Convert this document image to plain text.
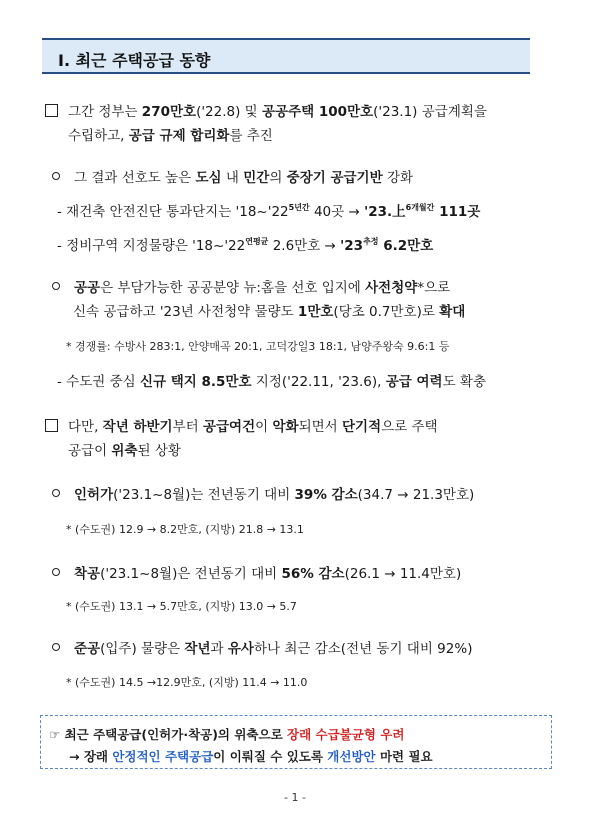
Ⅰ. 최근 주택공급 동향
그간 정부는 270만호('22.8) 및 공공주택 100만호('23.1) 공급계획을
수립하고, 공급 규제 합리화를 추진
그 결과 선호도 높은 도심 내 민간의 중장기 공급기반 강화
- 재건축 안전진단 통과단지는 '$18\sim'22^{5년간}$ 40곳 → '23.上$^{6개월간}$ 111곳
- 정비구역 지정물량은 '$18\sim'22^{연평균}$ 2.6만호 → '$23^{추정}$ 6.2만호
공공은 부담가능한 공공분양 뉴:홈을 선호 입지에 사전청약*으로
신속 공급하고 '23년 사전청약 물량도 1만호(당초 0.7만호)로 확대
* 경쟁률: 수방사 283:1, 안양매곡 20:1, 고덕강일3 18:1, 남양주왕숙 9.6:1 등
- 수도권 중심 신규 택지 8.5만호 지정('22.11, '23.6), 공급 여력도 확충
다만, 작년 하반기부터 공급여건이 악화되면서 단기적으로 주택
공급이 위축된 상황
인허가('23.1~8월)는 전년동기 대비 39% 감소(34.7 → 21.3만호)
* (수도권) 12.9 → 8.2만호, (지방) 21.8 → 13.1
착공('23.1~8월)은 전년동기 대비 56% 감소(26.1 → 11.4만호)
* (수도권) 13.1 → 5.7만호, (지방) 13.0 → 5.7
준공(입주) 물량은 작년과 유사하나 최근 감소(전년 동기 대비 92%)
* (수도권) 14.5 →12.9만호, (지방) 11.4 → 11.0
☞ 최근 주택공급(인허가·착공)의 위축으로 장래 수급불균형 우려
→ 장래 안정적인 주택공급이 이뤄질 수 있도록 개선방안 마련 필요
- 1 -
